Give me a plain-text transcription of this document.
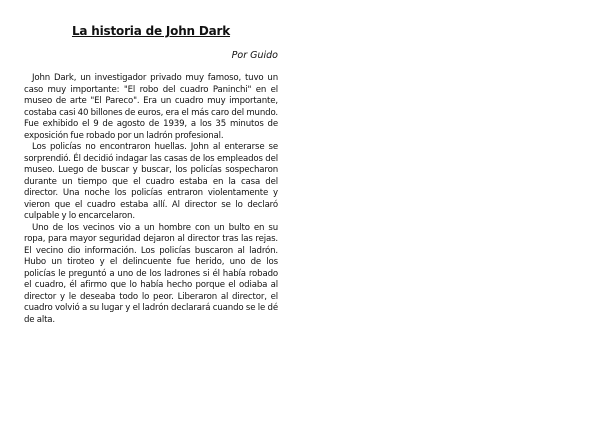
La historia de John Dark
Por Guido

John Dark, un investigador privado muy famoso, tuvo un caso muy importante: "El robo del cuadro Paninchi" en el museo de arte "El Pareco". Era un cuadro muy importante, costaba casi 40 billones de euros, era el más caro del mundo. Fue exhibido el 9 de agosto de 1939, a los 35 minutos de exposición fue robado por un ladrón profesional.

Los policías no encontraron huellas. John al enterarse se sorprendió. Él decidió indagar las casas de los empleados del museo. Luego de buscar y buscar, los policías sospecharon durante un tiempo que el cuadro estaba en la casa del director. Una noche los policías entraron violentamente y vieron que el cuadro estaba allí. Al director se lo declaró culpable y lo encarcelaron.

Uno de los vecinos vio a un hombre con un bulto en su ropa, para mayor seguridad dejaron al director tras las rejas. El vecino dio información. Los policías buscaron al ladrón. Hubo un tiroteo y el delincuente fue herido, uno de los policías le preguntó a uno de los ladrones si él había robado el cuadro, él afirmo que lo había hecho porque el odiaba al director y le deseaba todo lo peor. Liberaron al director, el cuadro volvió a su lugar y el ladrón declarará cuando se le dé de alta.
